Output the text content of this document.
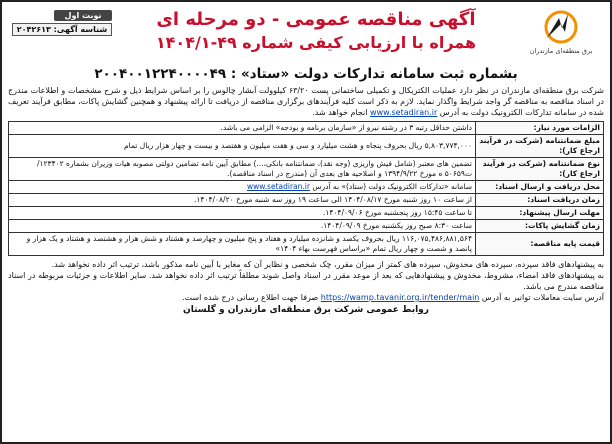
برق منطقه‌ای مازندران
آگهی مناقصه عمومی - دو مرحله ای
همراه با ارزیابی کیفی شماره ۴۹-۱۴۰۴/۱
نوبت اول
شناسه آگهی: ۲۰۴۲۶۱۳
بشماره ثبت سامانه تدارکات دولت «ستاد» : ۲۰۰۴۰۰۱۲۲۴۰۰۰۰۴۹
شرکت برق منطقه‌ای مازندران در نظر دارد عملیات الکتریکال و تکمیلی ساختمانی پست ۶۳/۲۰ کیلوولت آبشار چالوس را بر اساس شرایط ذیل و شرح مشخصات و اطلاعات مندرج در اسناد مناقصه به مناقصه گر واجد شرایط واگذار نماید. لازم به ذکر است کلیه فرآیندهای برگزاری مناقصه از دریافت تا ارائه پیشنهاد و همچنین گشایش پاکات، مطابق فرآیند تعریف شده در سامانه تدارکات الکترونیک دولت به آدرس www.setadiran.ir انجام خواهد شد.
الزامات مورد نیاز:	داشتن حداقل رتبه ۳ در رشته نیرو از «سازمان برنامه و بودجه» الزامی می باشد.
مبلغ ضمانتنامه (شرکت در فرآیند ارجاع کار):	۵,۸۰۳,۷۷۴,۰۰۰ ریال بحروف پنجاه و هشت میلیارد و سی و هفت میلیون و هفتصد و بیست و چهار هزار ریال تمام
نوع ضمانتنامه (شرکت در فرآیند ارجاع کار):	تضمین های معتبر (شامل فیش واریزی (وجه نقد)، ضمانتنامه بانکی،...) مطابق آیین نامه تضامین دولتی مصوبه هیات وزیران بشماره ۱۲۳۴۰۲/ت۵۰۶۵۹ ه مورخ ۱۳۹۴/۹/۲۲ و اصلاحیه های بعدی آن (مندرج در اسناد مناقصه).
محل دریافت و ارسال اسناد:	سامانه «تدارکات الکترونیک دولت (ستاد)» به آدرس www.setadiran.ir
زمان دریافت اسناد:	از ساعت ۱۰ روز شنبه مورخ ۱۴۰۴/۰۸/۱۷ الی ساعت ۱۹ روز سه شنبه مورخ ۱۴۰۴/۰۸/۲۰.
مهلت ارسال پیشنهاد:	تا ساعت ۱۵:۴۵ روز پنجشنبه مورخ ۱۴۰۴/۰۹/۰۶.
زمان گشایش پاکات:	ساعت ۸:۳۰ صبح روز یکشنبه مورخ ۱۴۰۴/۰۹/۰۹.
قیمت پایه مناقصه:	۱۱۶,۰۷۵,۴۸۶,۸۸۱,۵۶۴ ریال بحروف یکصد و شانزده میلیارد و هفتاد و پنج میلیون و چهارصد و هشتاد و شش هزار و هشتصد و هشتاد و یک هزار و پانصد و شصت و چهار ریال تمام «براساس فهرست بهاء ۱۴۰۴»

به پیشنهادهای فاقد سپرده، سپرده های مخدوش، سپرده های کمتر از میزان مقرر، چک شخصی و نظایر آن که مغایر با آیین نامه مذکور باشد، ترتیب اثر داده نخواهد شد.

به پیشنهادهای فاقد امضاء، مشروط، مخدوش و پیشنهادهایی که بعد از موعد مقرر در اسناد واصل شوند مطلقاً ترتیب اثر داده نخواهد شد. سایر اطلاعات و جزئیات مربوطه در اسناد مناقصه مندرج می باشد.

آدرس سایت معاملات توانیر به آدرس https://wamp.tavanir.org.ir/tender/main صرفا جهت اطلاع رسانی درج شده است.

روابط عمومی شرکت برق منطقه‌ای مازندران و گلستان
